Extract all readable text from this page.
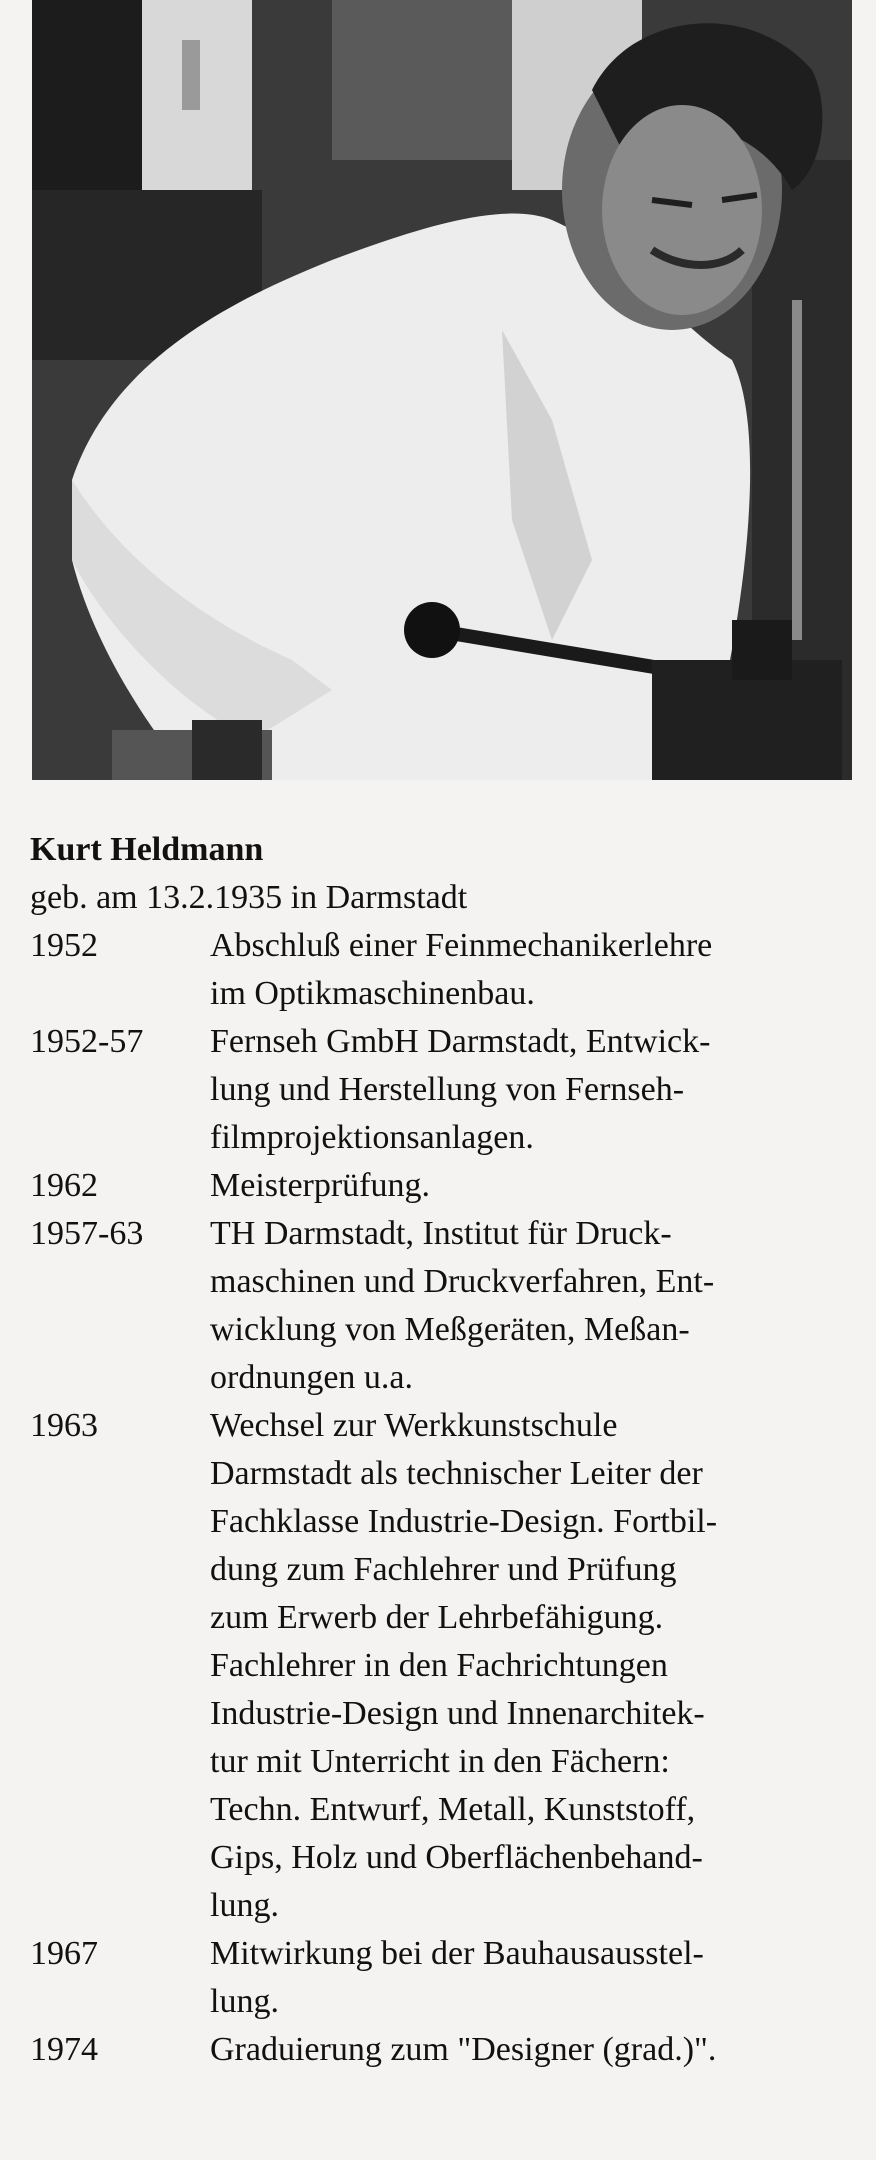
Kurt Heldmann

geb. am 13.2.1935 in Darmstadt

1952	Abschluß einer Feinmechanikerlehre
im Optikmaschinenbau.
1952-57	Fernseh GmbH Darmstadt, Entwick-
lung und Herstellung von Fernseh-
filmprojektionsanlagen.
1962	Meisterprüfung.
1957-63	TH Darmstadt, Institut für Druck-
maschinen und Druckverfahren, Ent-
wicklung von Meßgeräten, Meßan-
ordnungen u.a.
1963	Wechsel zur Werkkunstschule
Darmstadt als technischer Leiter der
Fachklasse Industrie-Design. Fortbil-
dung zum Fachlehrer und Prüfung
zum Erwerb der Lehrbefähigung.
Fachlehrer in den Fachrichtungen
Industrie-Design und Innenarchitek-
tur mit Unterricht in den Fächern:
Techn. Entwurf, Metall, Kunststoff,
Gips, Holz und Oberflächenbehand-
lung.
1967	Mitwirkung bei der Bauhausausstel-
lung.
1974	Graduierung zum "Designer (grad.)".
